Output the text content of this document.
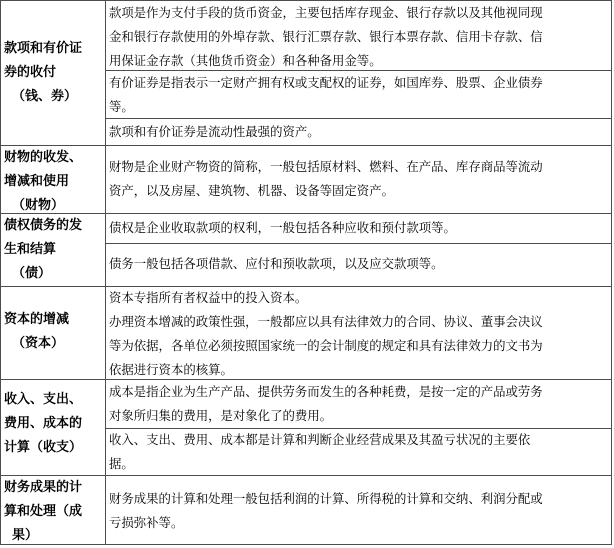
款项和有价证
券的收付
（钱、券）

款项是作为支付手段的货币资金，主要包括库存现金、银行存款以及其他视同现

金和银行存款使用的外埠存款、银行汇票存款、银行本票存款、信用卡存款、信

用保证金存款（其他货币资金）和各种备用金等。

有价证券是指表示一定财产拥有权或支配权的证券，如国库券、股票、企业债券

等。

款项和有价证券是流动性最强的资产。

财物的收发、
增减和使用
（财物）

财物是企业财产物资的简称，一般包括原材料、燃料、在产品、库存商品等流动

资产，以及房屋、建筑物、机器、设备等固定资产。

债权债务的发
生和结算
（债）

债权是企业收取款项的权利，一般包括各种应收和预付款项等。

债务一般包括各项借款、应付和预收款项，以及应交款项等。

资本的增减
（资本）

资本专指所有者权益中的投入资本。

办理资本增减的政策性强，一般都应以具有法律效力的合同、协议、董事会决议

等为依据，各单位必须按照国家统一的会计制度的规定和具有法律效力的文书为

依据进行资本的核算。

收入、支出、
费用、成本的
计算（收支）

成本是指企业为生产产品、提供劳务而发生的各种耗费，是按一定的产品或劳务

对象所归集的费用，是对象化了的费用。

收入、支出、费用、成本都是计算和判断企业经营成果及其盈亏状况的主要依

据。

财务成果的计
算和处理（成
果）

财务成果的计算和处理一般包括利润的计算、所得税的计算和交纳、利润分配或

亏损弥补等。
